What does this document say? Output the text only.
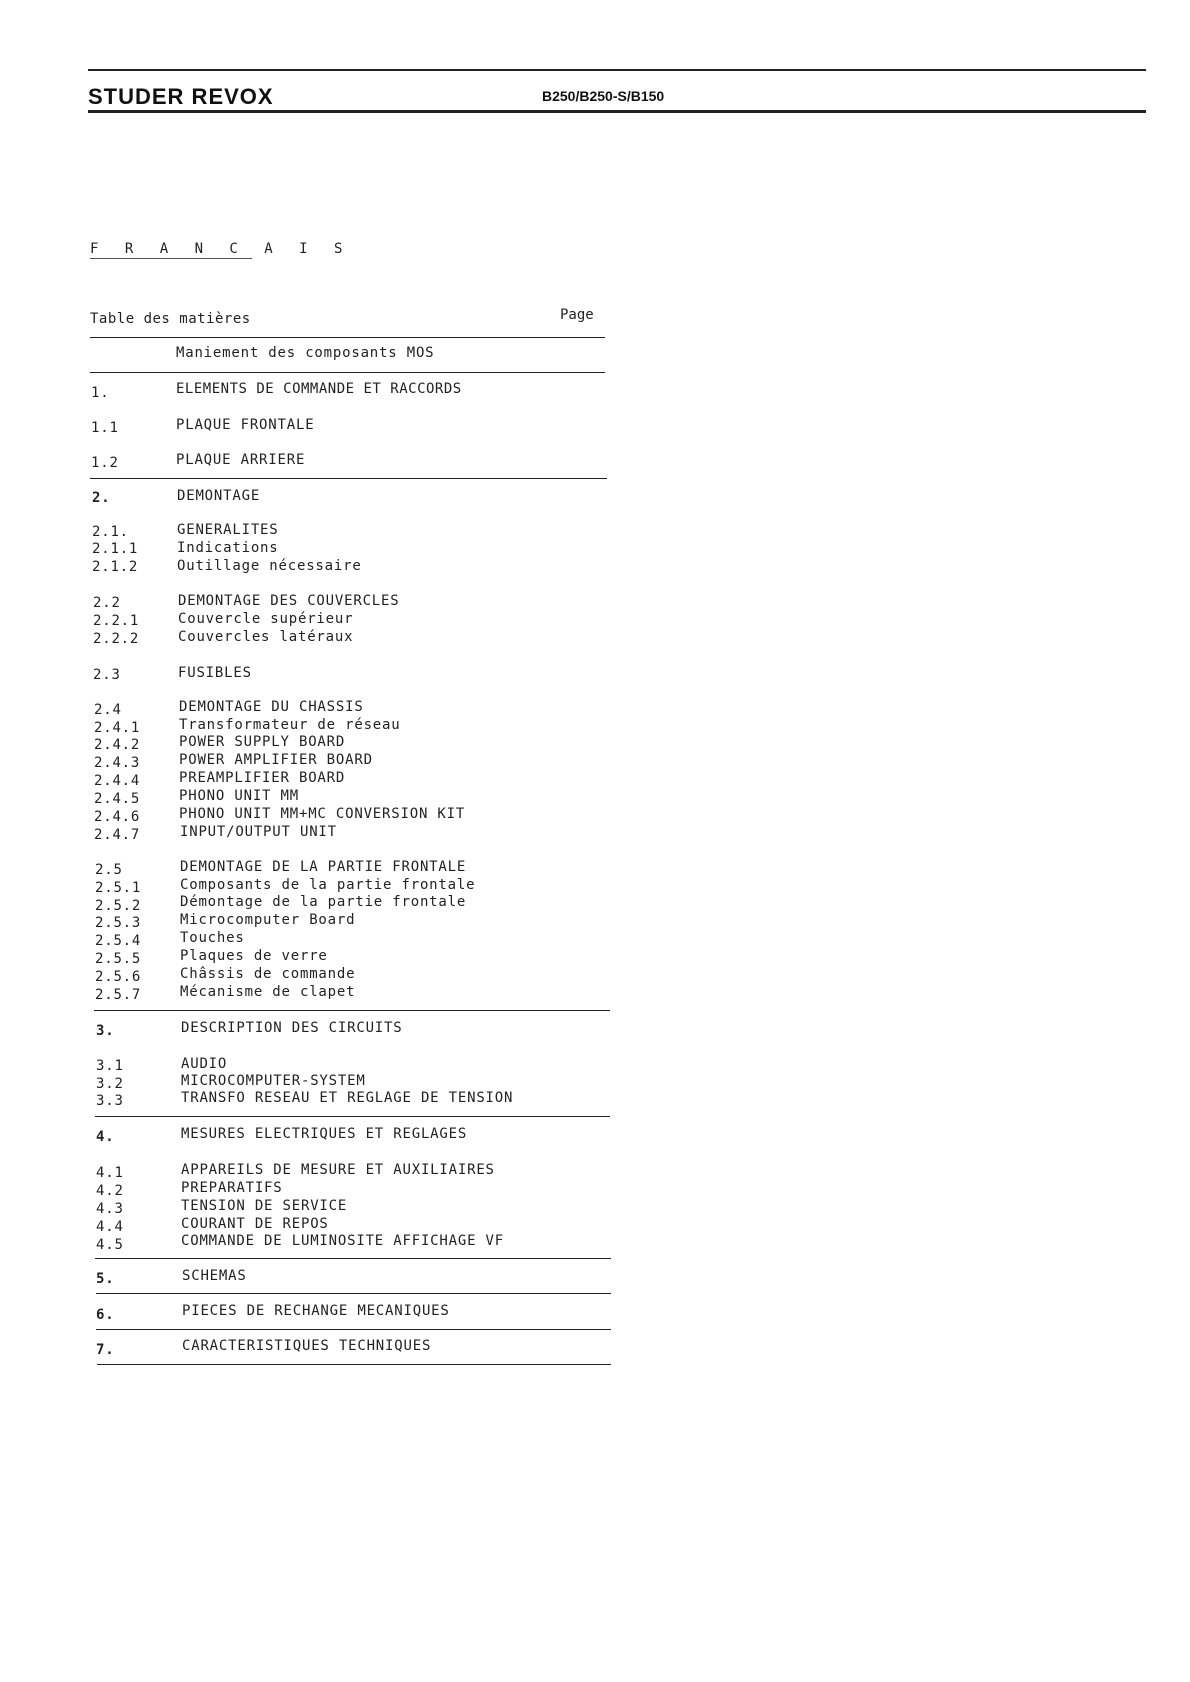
STUDER REVOX	B250/B250-S/B150
F R A N C A I S
Table des matières	Page
Maniement des composants MOS
1.	ELEMENTS DE COMMANDE ET RACCORDS
1.1	PLAQUE FRONTALE
1.2	PLAQUE ARRIERE
2.	DEMONTAGE
2.1.	GENERALITES
2.1.1	Indications
2.1.2	Outillage nécessaire
2.2	DEMONTAGE DES COUVERCLES
2.2.1	Couvercle supérieur
2.2.2	Couvercles latéraux
2.3	FUSIBLES
2.4	DEMONTAGE DU CHASSIS
2.4.1	Transformateur de réseau
2.4.2	POWER SUPPLY BOARD
2.4.3	POWER AMPLIFIER BOARD
2.4.4	PREAMPLIFIER BOARD
2.4.5	PHONO UNIT MM
2.4.6	PHONO UNIT MM+MC CONVERSION KIT
2.4.7	INPUT/OUTPUT UNIT
2.5	DEMONTAGE DE LA PARTIE FRONTALE
2.5.1	Composants de la partie frontale
2.5.2	Démontage de la partie frontale
2.5.3	Microcomputer Board
2.5.4	Touches
2.5.5	Plaques de verre
2.5.6	Châssis de commande
2.5.7	Mécanisme de clapet
3.	DESCRIPTION DES CIRCUITS
3.1	AUDIO
3.2	MICROCOMPUTER-SYSTEM
3.3	TRANSFO RESEAU ET REGLAGE DE TENSION
4.	MESURES ELECTRIQUES ET REGLAGES
4.1	APPAREILS DE MESURE ET AUXILIAIRES
4.2	PREPARATIFS
4.3	TENSION DE SERVICE
4.4	COURANT DE REPOS
4.5	COMMANDE DE LUMINOSITE AFFICHAGE VF
5.	SCHEMAS
6.	PIECES DE RECHANGE MECANIQUES
7.	CARACTERISTIQUES TECHNIQUES
